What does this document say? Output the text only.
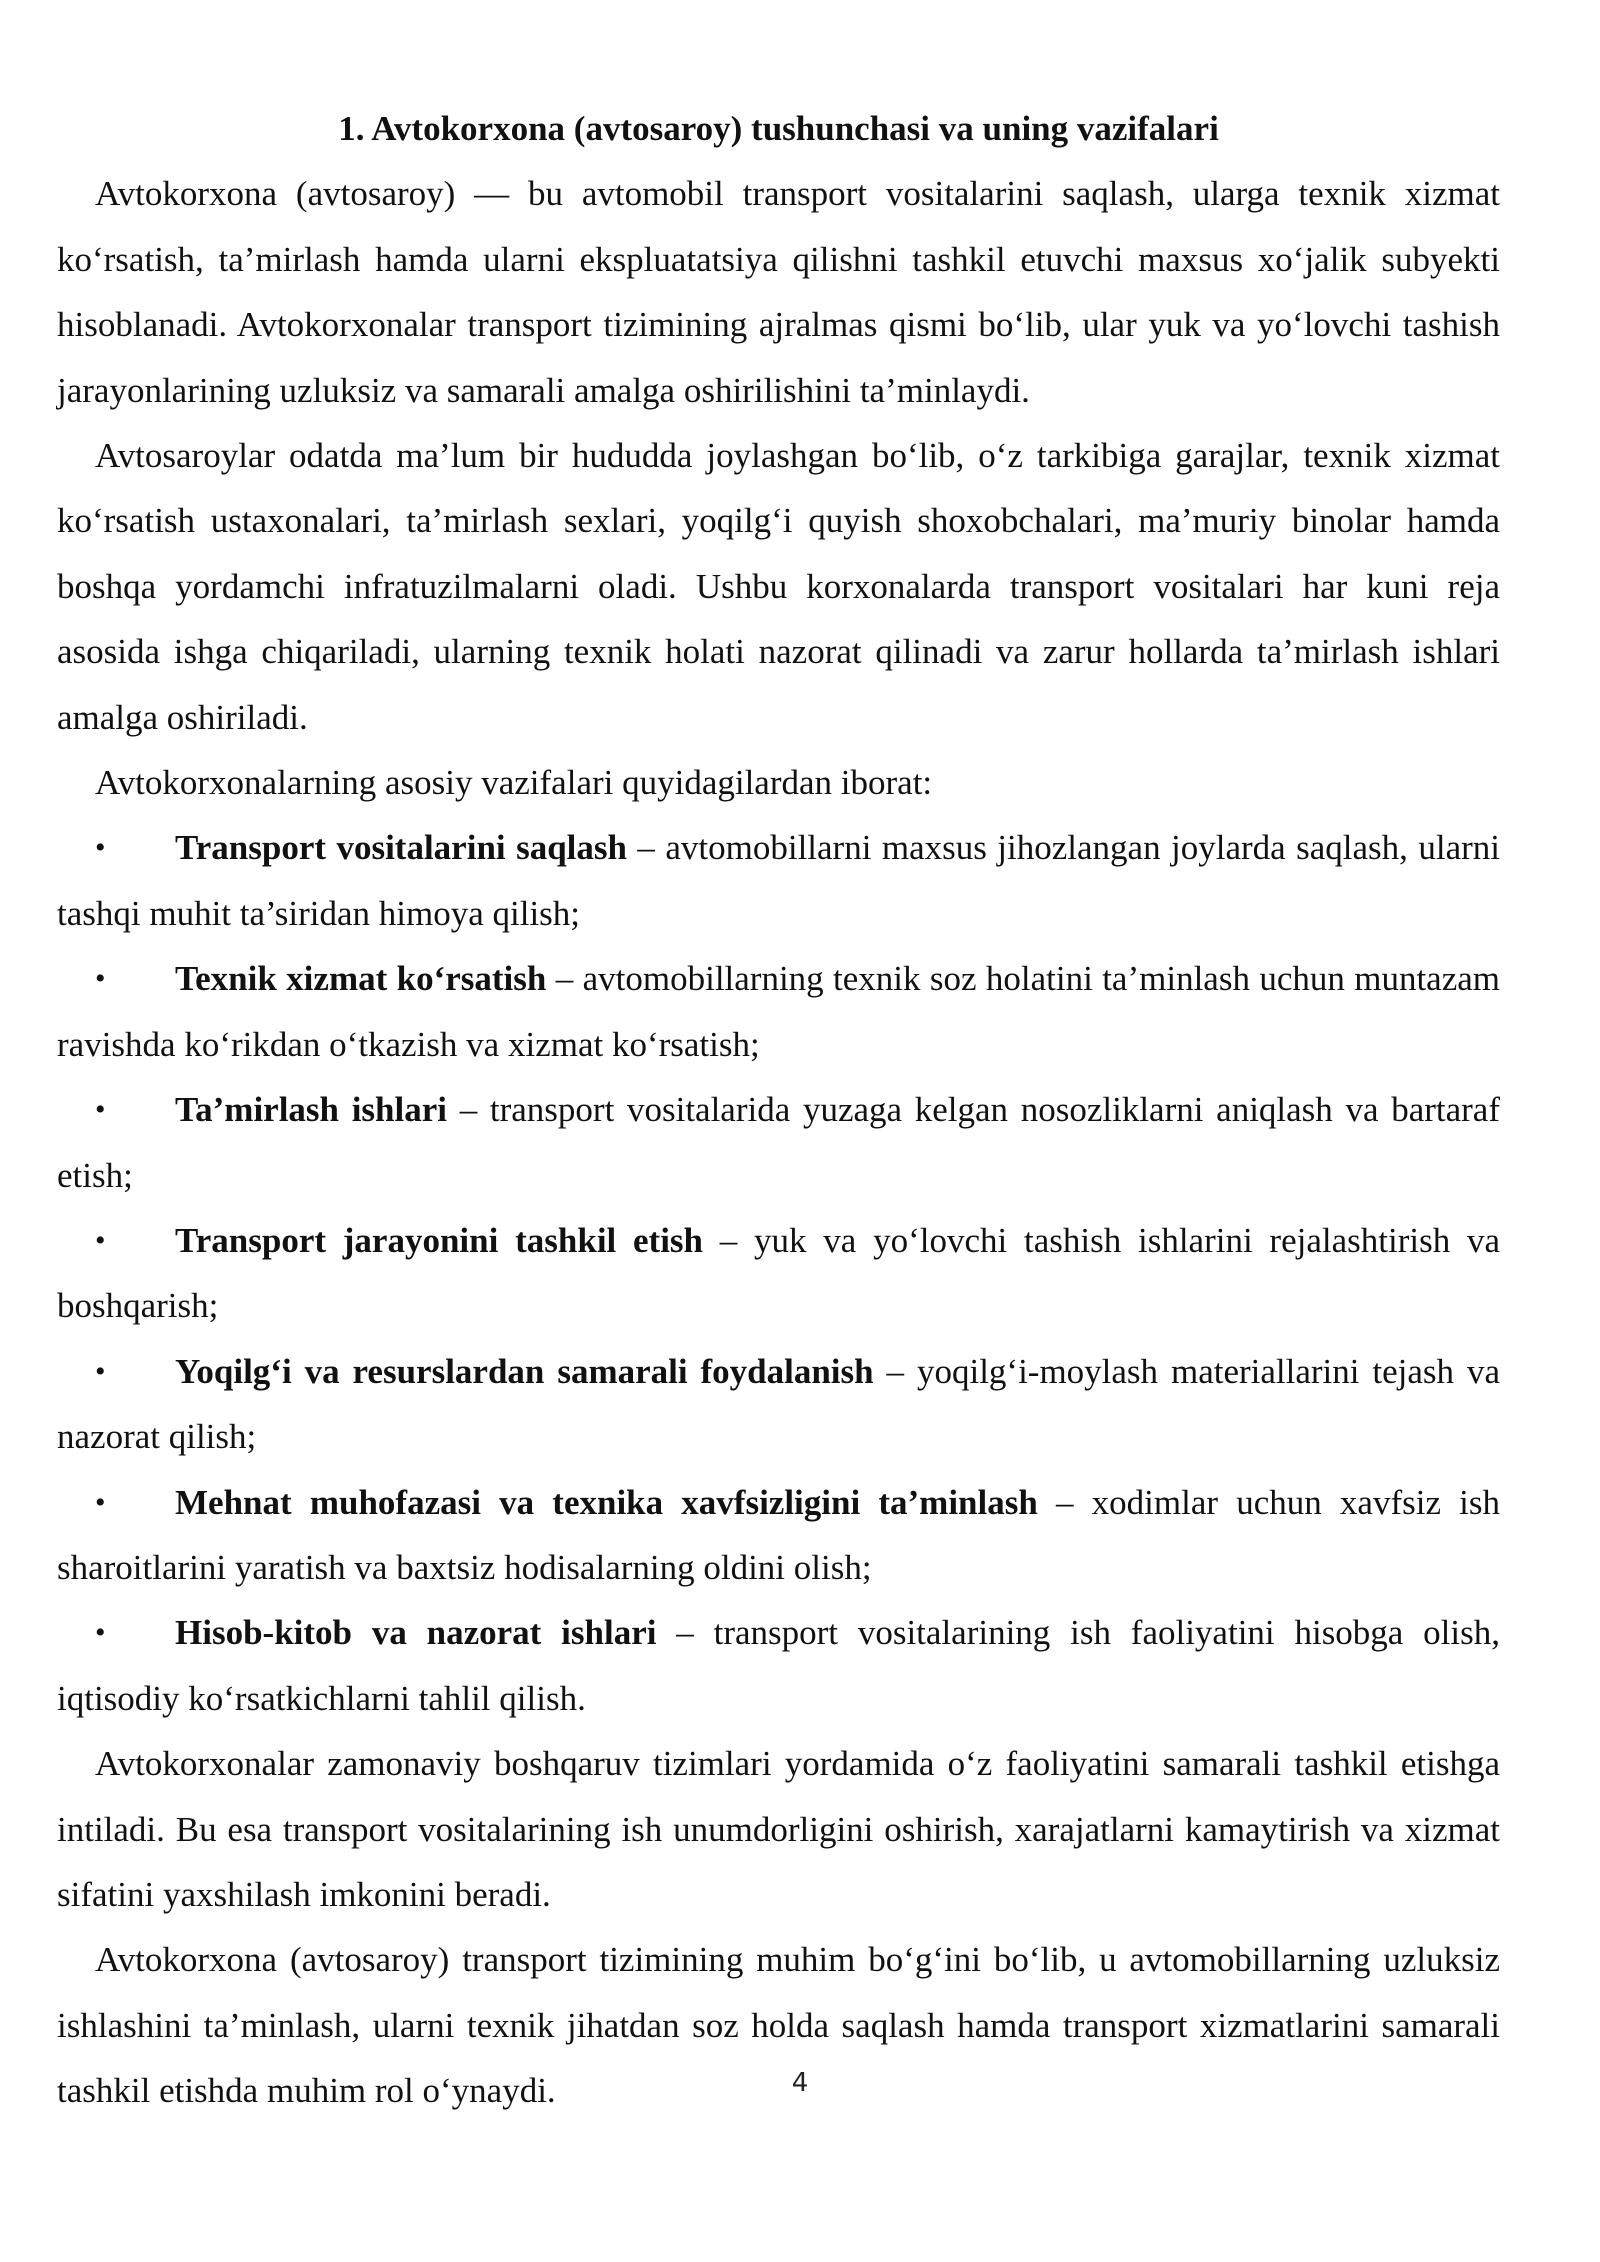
1. Avtokorxona (avtosaroy) tushunchasi va uning vazifalari

Avtokorxona (avtosaroy) — bu avtomobil transport vositalarini saqlash, ularga texnik xizmat ko‘rsatish, ta’mirlash hamda ularni ekspluatatsiya qilishni tashkil etuvchi maxsus xo‘jalik subyekti hisoblanadi. Avtokorxonalar transport tizimining ajralmas qismi bo‘lib, ular yuk va yo‘lovchi tashish jarayonlarining uzluksiz va samarali amalga oshirilishini ta’minlaydi.

Avtosaroylar odatda ma’lum bir hududda joylashgan bo‘lib, o‘z tarkibiga garajlar, texnik xizmat ko‘rsatish ustaxonalari, ta’mirlash sexlari, yoqilg‘i quyish shoxobchalari, ma’muriy binolar hamda boshqa yordamchi infratuzilmalarni oladi. Ushbu korxonalarda transport vositalari har kuni reja asosida ishga chiqariladi, ularning texnik holati nazorat qilinadi va zarur hollarda ta’mirlash ishlari amalga oshiriladi.

Avtokorxonalarning asosiy vazifalari quyidagilardan iborat:

• Transport vositalarini saqlash – avtomobillarni maxsus jihozlangan joylarda saqlash, ularni tashqi muhit ta’siridan himoya qilish;
• Texnik xizmat ko‘rsatish – avtomobillarning texnik soz holatini ta’minlash uchun muntazam ravishda ko‘rikdan o‘tkazish va xizmat ko‘rsatish;
• Ta’mirlash ishlari – transport vositalarida yuzaga kelgan nosozliklarni aniqlash va bartaraf etish;
• Transport jarayonini tashkil etish – yuk va yo‘lovchi tashish ishlarini rejalashtirish va boshqarish;
• Yoqilg‘i va resurslardan samarali foydalanish – yoqilg‘i-moylash materiallarini tejash va nazorat qilish;
• Mehnat muhofazasi va texnika xavfsizligini ta’minlash – xodimlar uchun xavfsiz ish sharoitlarini yaratish va baxtsiz hodisalarning oldini olish;
• Hisob-kitob va nazorat ishlari – transport vositalarining ish faoliyatini hisobga olish, iqtisodiy ko‘rsatkichlarni tahlil qilish.

Avtokorxonalar zamonaviy boshqaruv tizimlari yordamida o‘z faoliyatini samarali tashkil etishga intiladi. Bu esa transport vositalarining ish unumdorligini oshirish, xarajatlarni kamaytirish va xizmat sifatini yaxshilash imkonini beradi.

Avtokorxona (avtosaroy) transport tizimining muhim bo‘g‘ini bo‘lib, u avtomobillarning uzluksiz ishlashini ta’minlash, ularni texnik jihatdan soz holda saqlash hamda transport xizmatlarini samarali tashkil etishda muhim rol o‘ynaydi.	4
